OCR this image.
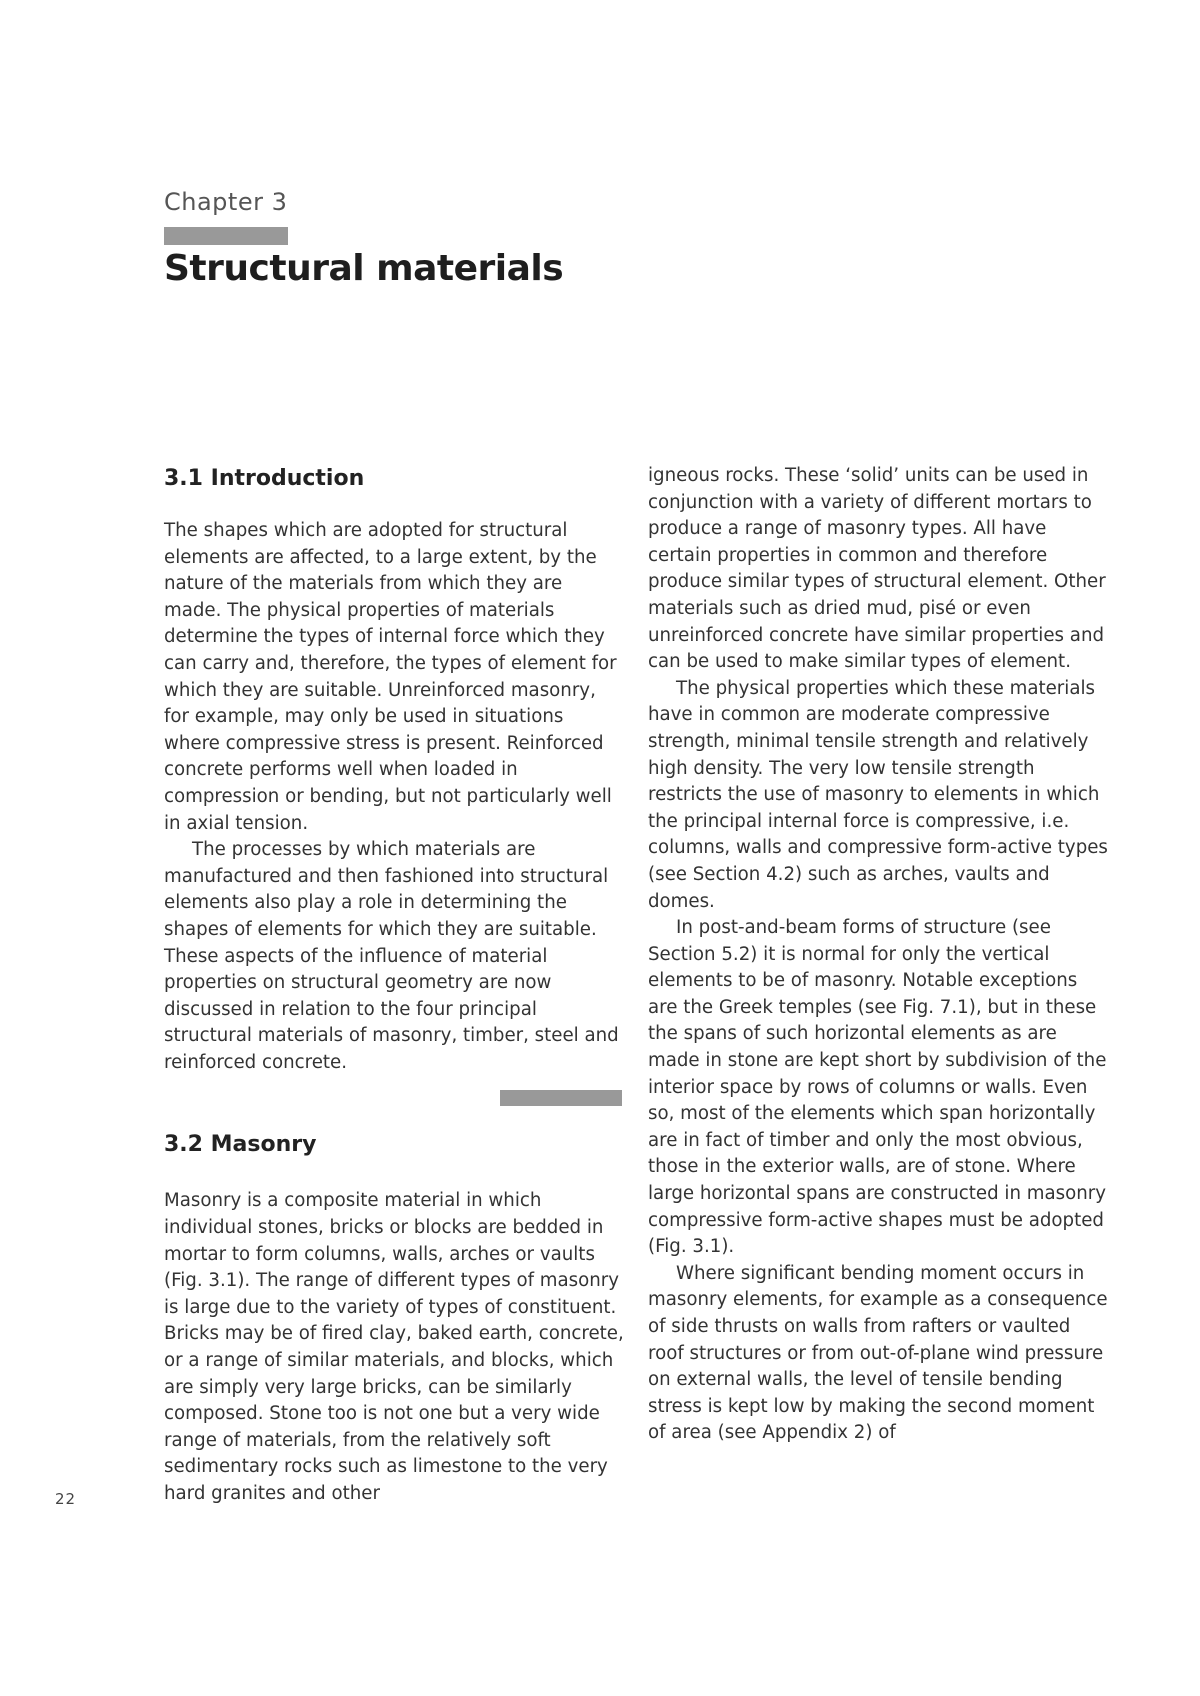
Chapter 3
Structural materials
3.1 Introduction

The shapes which are adopted for structural elements are affected, to a large extent, by the nature of the materials from which they are made. The physical properties of materials determine the types of internal force which they can carry and, therefore, the types of element for which they are suitable. Unreinforced masonry, for example, may only be used in situations where compressive stress is present. Reinforced concrete performs well when loaded in compression or bending, but not particularly well in axial tension.

The processes by which materials are manufactured and then fashioned into structural elements also play a role in determining the shapes of elements for which they are suitable. These aspects of the influence of material properties on structural geometry are now discussed in relation to the four principal structural materials of masonry, timber, steel and reinforced concrete.

3.2 Masonry

Masonry is a composite material in which individual stones, bricks or blocks are bedded in mortar to form columns, walls, arches or vaults (Fig. 3.1). The range of different types of masonry is large due to the variety of types of constituent. Bricks may be of fired clay, baked earth, concrete, or a range of similar materials, and blocks, which are simply very large bricks, can be similarly composed. Stone too is not one but a very wide range of materials, from the relatively soft sedimentary rocks such as limestone to the very hard granites and other

igneous rocks. These ‘solid’ units can be used in conjunction with a variety of different mortars to produce a range of masonry types. All have certain properties in common and therefore produce similar types of structural element. Other materials such as dried mud, pisé or even unreinforced concrete have similar properties and can be used to make similar types of element.

The physical properties which these materials have in common are moderate compressive strength, minimal tensile strength and relatively high density. The very low tensile strength restricts the use of masonry to elements in which the principal internal force is compressive, i.e. columns, walls and compressive form-active types (see Section 4.2) such as arches, vaults and domes.

In post-and-beam forms of structure (see Section 5.2) it is normal for only the vertical elements to be of masonry. Notable exceptions are the Greek temples (see Fig. 7.1), but in these the spans of such horizontal elements as are made in stone are kept short by subdivision of the interior space by rows of columns or walls. Even so, most of the elements which span horizontally are in fact of timber and only the most obvious, those in the exterior walls, are of stone. Where large horizontal spans are constructed in masonry compressive form-active shapes must be adopted (Fig. 3.1).

Where significant bending moment occurs in masonry elements, for example as a consequence of side thrusts on walls from rafters or vaulted roof structures or from out-of-plane wind pressure on external walls, the level of tensile bending stress is kept low by making the second moment of area (see Appendix 2) of

22
